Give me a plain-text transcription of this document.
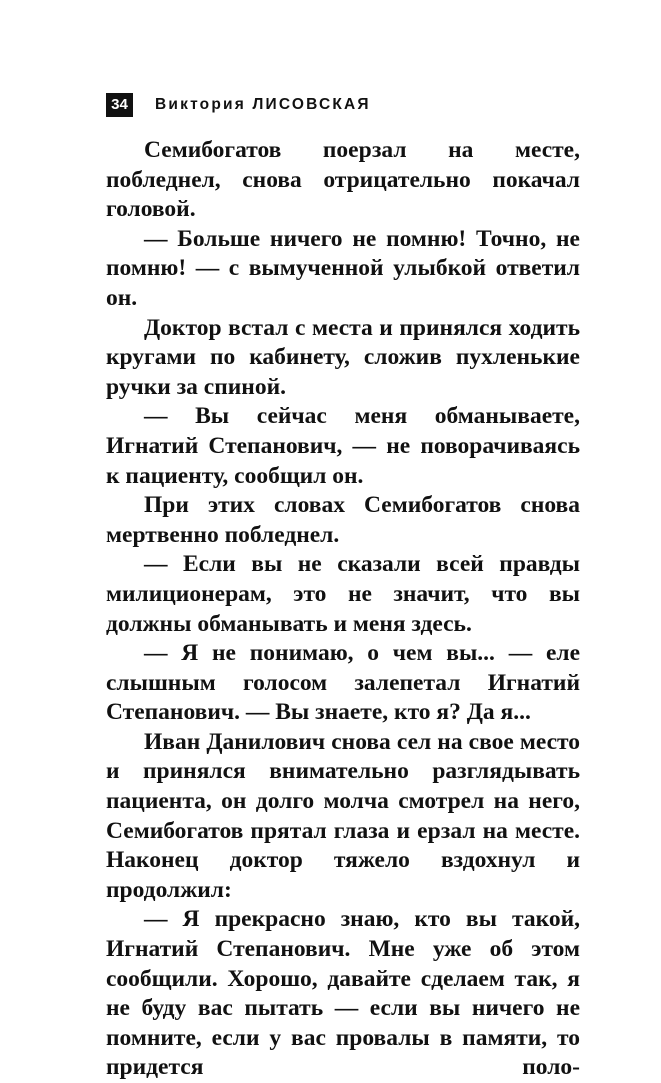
34	Виктория ЛИСОВСКАЯ

Семибогатов поерзал на месте, побледнел, снова отрицательно покачал головой.

— Больше ничего не помню! Точно, не помню! — с вымученной улыбкой ответил он.

Доктор встал с места и принялся ходить кругами по кабинету, сложив пухленькие ручки за спиной.

— Вы сейчас меня обманываете, Игнатий Степанович, — не поворачиваясь к пациенту, сообщил он.

При этих словах Семибогатов снова мертвенно побледнел.

— Если вы не сказали всей правды милиционерам, это не значит, что вы должны обманывать и меня здесь.

— Я не понимаю, о чем вы... — еле слышным голосом залепетал Игнатий Степанович. — Вы знаете, кто я? Да я...

Иван Данилович снова сел на свое место и принялся внимательно разглядывать пациента, он долго молча смотрел на него, Семибогатов прятал глаза и ерзал на месте. Наконец доктор тяжело вздохнул и продолжил:

— Я прекрасно знаю, кто вы такой, Игнатий Степанович. Мне уже об этом сообщили. Хорошо, давайте сделаем так, я не буду вас пытать — если вы ничего не помните, если у вас провалы в памяти, то придется поло-
